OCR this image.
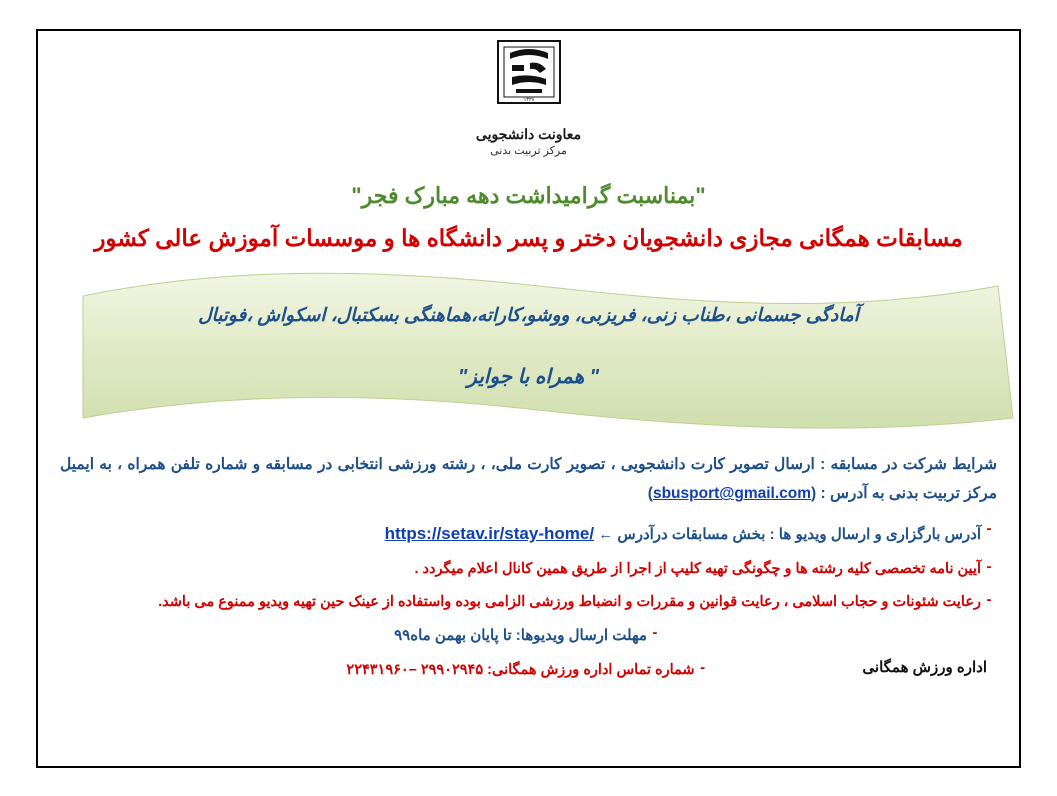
۱۳۳۸
معاونت دانشجویی
مرکز تربیت بدنی
"بمناسبت گرامیداشت دهه مبارک فجر"
مسابقات همگانی مجازی دانشجویان دختر و پسر دانشگاه ها و موسسات آموزش عالی کشور
آمادگی جسمانی ،طناب زنی، فریزبی، ووشو،کاراته،هماهنگی بسکتبال، اسکواش ،فوتبال
" همراه با جوایز"
شرایط شرکت در مسابقه : ارسال تصویر کارت دانشجویی ، تصویر کارت ملی، ، رشته ورزشی انتخابی در مسابقه و شماره تلفن همراه ، به ایمیل مرکز تربیت بدنی به آدرس : (sbusport@gmail.com)
-
آدرس بارگزاری و ارسال ویدیو ها : بخش مسابقات درآدرس ← https://setav.ir/stay-home/
-
آیین نامه تخصصی کلیه رشته ها و چگونگی تهیه کلیپ از اجرا از طریق همین کانال اعلام میگردد .
-
رعایت شئونات و حجاب اسلامی ، رعایت قوانین و مقررات و انضباط ورزشی الزامی بوده واستفاده از عینک حین تهیه ویدیو ممنوع می باشد.
-
مهلت ارسال ویدیوها: تا پایان بهمن ماه۹۹
اداره ورزش همگانی
-
شماره تماس اداره ورزش همگانی: ۲۹۹۰۲۹۴۵ –۲۲۴۳۱۹۶۰
